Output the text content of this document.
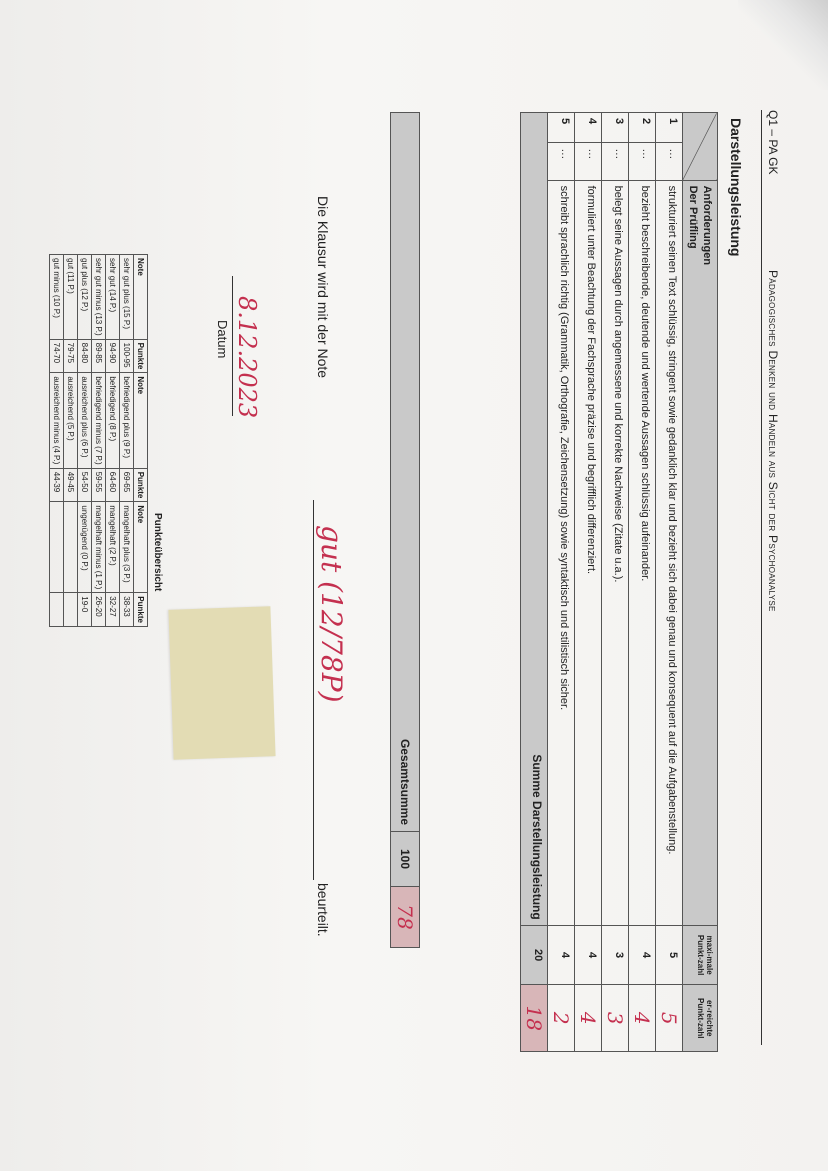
Q1 – PA GK
Pädagogisches Denken und Handeln aus Sicht der Psychoanalyse
Darstellungsleistung

		Anforderungen
Der Prüfling	maxi-male Punkt-zahl	er-reichte Punkt-zahl
1	…	strukturiert seinen Text schlüssig, stringent sowie gedanklich klar und bezieht sich dabei genau und konsequent auf die Aufgabenstellung.	5	5
2	…	bezieht beschreibende, deutende und wertende Aussagen schlüssig aufeinander.	4	4
3	…	belegt seine Aussagen durch angemessene und korrekte Nachweise (Zitate u.a.).	3	3
4	…	formuliert unter Beachtung der Fachsprache präzise und begrifflich differenziert.	4	4
5	…	schreibt sprachlich richtig (Grammatik, Orthografie, Zeichensetzung) sowie syntaktisch und stilistisch sicher.	4	2
Summe Darstellungsleistung			20	18
Gesamtsumme	100	78
Die Klausur wird mit der Note
gut (12/78P)
beurteilt.
8.12.2023
Datum
Punkteübersicht
Note	Punkte	Note	Punkte	Note	Punkte
sehr gut plus (15 P.)	100-95	befriedigend plus (9 P.)	69-65	mangelhaft plus (3 P.)	38-33
sehr gut (14 P.)	94-90	befriedigend (8 P.)	64-60	mangelhaft (2 P.)	32-27
sehr gut minus (13 P.)	89-85	befriedigend minus (7 P.)	59-55	mangelhaft minus (1 P.)	26-20
gut plus (12 P.)	84-80	ausreichend plus (6 P.)	54-50	ungenügend (0 P.)	19-0
gut (11 P.)	79-75	ausreichend (5 P.)	49-45		
gut minus (10 P.)	74-70	ausreichend minus (4 P.)	44-39		
